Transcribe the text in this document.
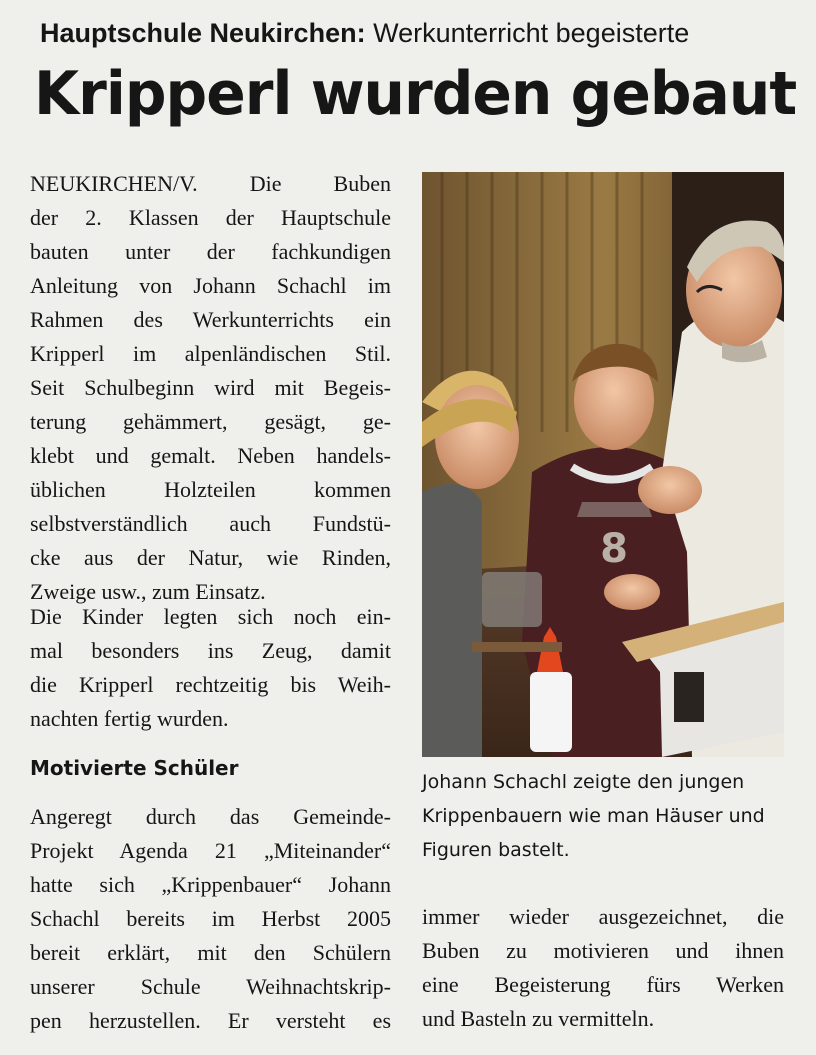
Hauptschule Neukirchen: Werkunterricht begeisterte
Kripperl wurden gebaut
NEUKIRCHEN/V. Die Buben
der 2. Klassen der Hauptschule
bauten unter der fachkundigen
Anleitung von Johann Schachl im
Rahmen des Werkunterrichts ein
Kripperl im alpenländischen Stil.
Seit Schulbeginn wird mit Begeis-
terung gehämmert, gesägt, ge-
klebt und gemalt. Neben handels-
üblichen Holzteilen kommen
selbstverständlich auch Fundstü-
cke aus der Natur, wie Rinden,
Zweige usw., zum Einsatz.
Die Kinder legten sich noch ein-
mal besonders ins Zeug, damit
die Kripperl rechtzeitig bis Weih-
nachten fertig wurden.
Motivierte Schüler
Angeregt durch das Gemeinde-
Projekt Agenda 21 „Miteinander“
hatte sich „Krippenbauer“ Johann
Schachl bereits im Herbst 2005
bereit erklärt, mit den Schülern
unserer Schule Weihnachtskrip-
pen herzustellen. Er versteht es
8
Johann Schachl zeigte den jungen
Krippenbauern wie man Häuser und
Figuren bastelt.
immer wieder ausgezeichnet, die
Buben zu motivieren und ihnen
eine Begeisterung fürs Werken
und Basteln zu vermitteln.
